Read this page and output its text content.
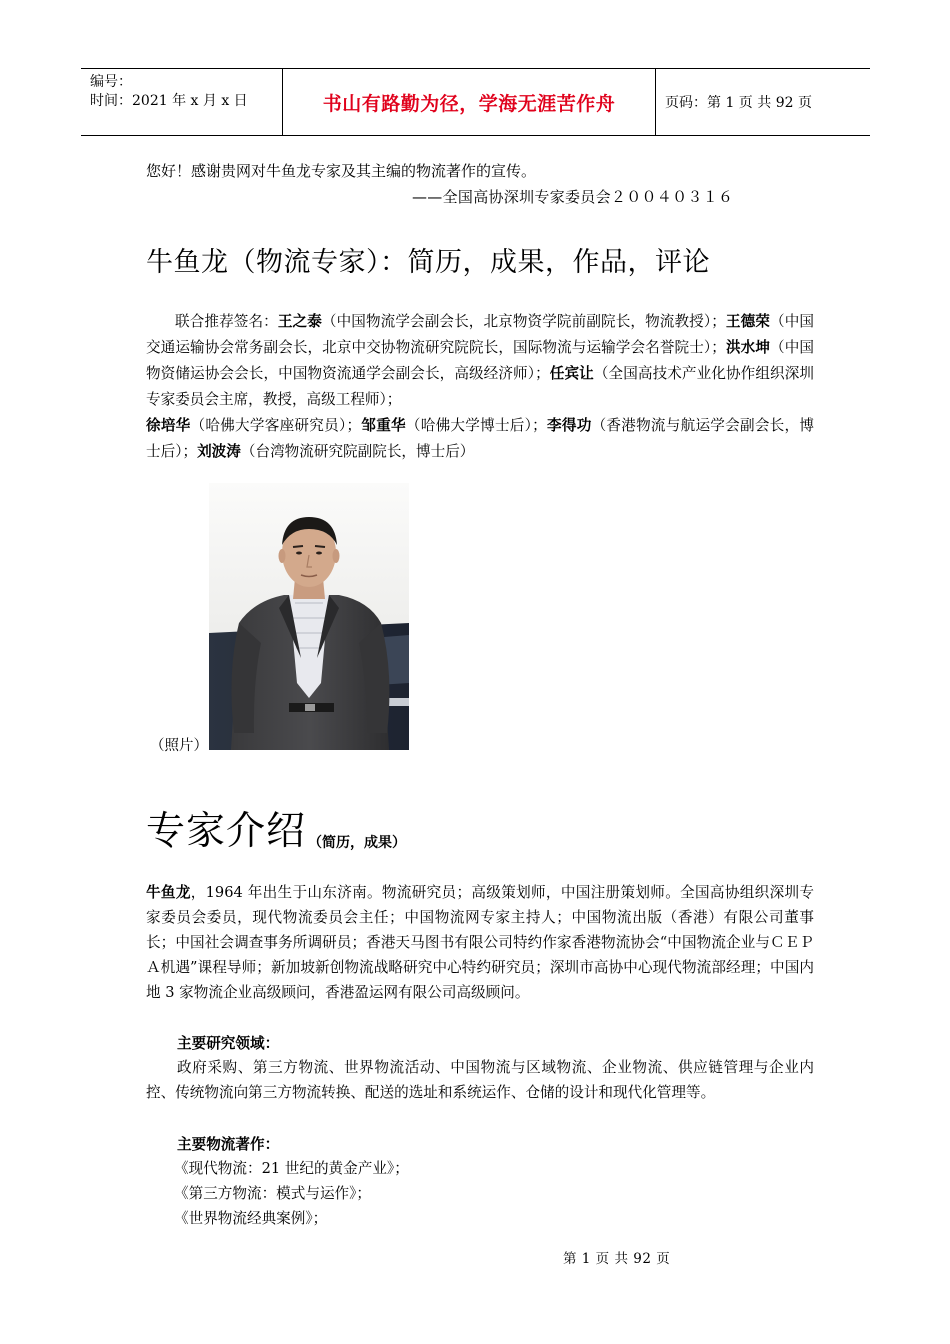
编号：
时间：2021 年 x 月 x 日	书山有路勤为径，学海无涯苦作舟	页码：第 1 页 共 92 页
您好！感谢贵网对牛鱼龙专家及其主编的物流著作的宣传。
——全国高协深圳专家委员会２００４０３１６
牛鱼龙（物流专家）：简历，成果，作品，评论
联合推荐签名：王之泰（中国物流学会副会长，北京物资学院前副院长，物流教授）；王德荣（中国交通运输协会常务副会长，北京中交协物流研究院院长，国际物流与运输学会名誉院士）；洪水坤（中国物资储运协会会长，中国物资流通学会副会长，高级经济师）；任宾让（全国高技术产业化协作组织深圳专家委员会主席，教授，高级工程师）；
徐培华（哈佛大学客座研究员）；邹重华（哈佛大学博士后）；李得功（香港物流与航运学会副会长，博士后）；刘波涛（台湾物流研究院副院长，博士后）
（照片）
专家介绍 （简历，成果）
牛鱼龙，1964 年出生于山东济南。物流研究员；高级策划师，中国注册策划师。全国高协组织深圳专家委员会委员，现代物流委员会主任；中国物流网专家主持人；中国物流出版（香港）有限公司董事长；中国社会调查事务所调研员；香港天马图书有限公司特约作家香港物流协会“中国物流企业与ＣＥＰＡ机遇”课程导师；新加坡新创物流战略研究中心特约研究员；深圳市高协中心现代物流部经理；中国内地 3 家物流企业高级顾问，香港盈运网有限公司高级顾问。
主要研究领域：
政府采购、第三方物流、世界物流活动、中国物流与区域物流、企业物流、供应链管理与企业内控、传统物流向第三方物流转换、配送的选址和系统运作、仓储的设计和现代化管理等。
主要物流著作：
《现代物流：21 世纪的黄金产业》；
《第三方物流：模式与运作》；
《世界物流经典案例》；
第 1 页 共 92 页
